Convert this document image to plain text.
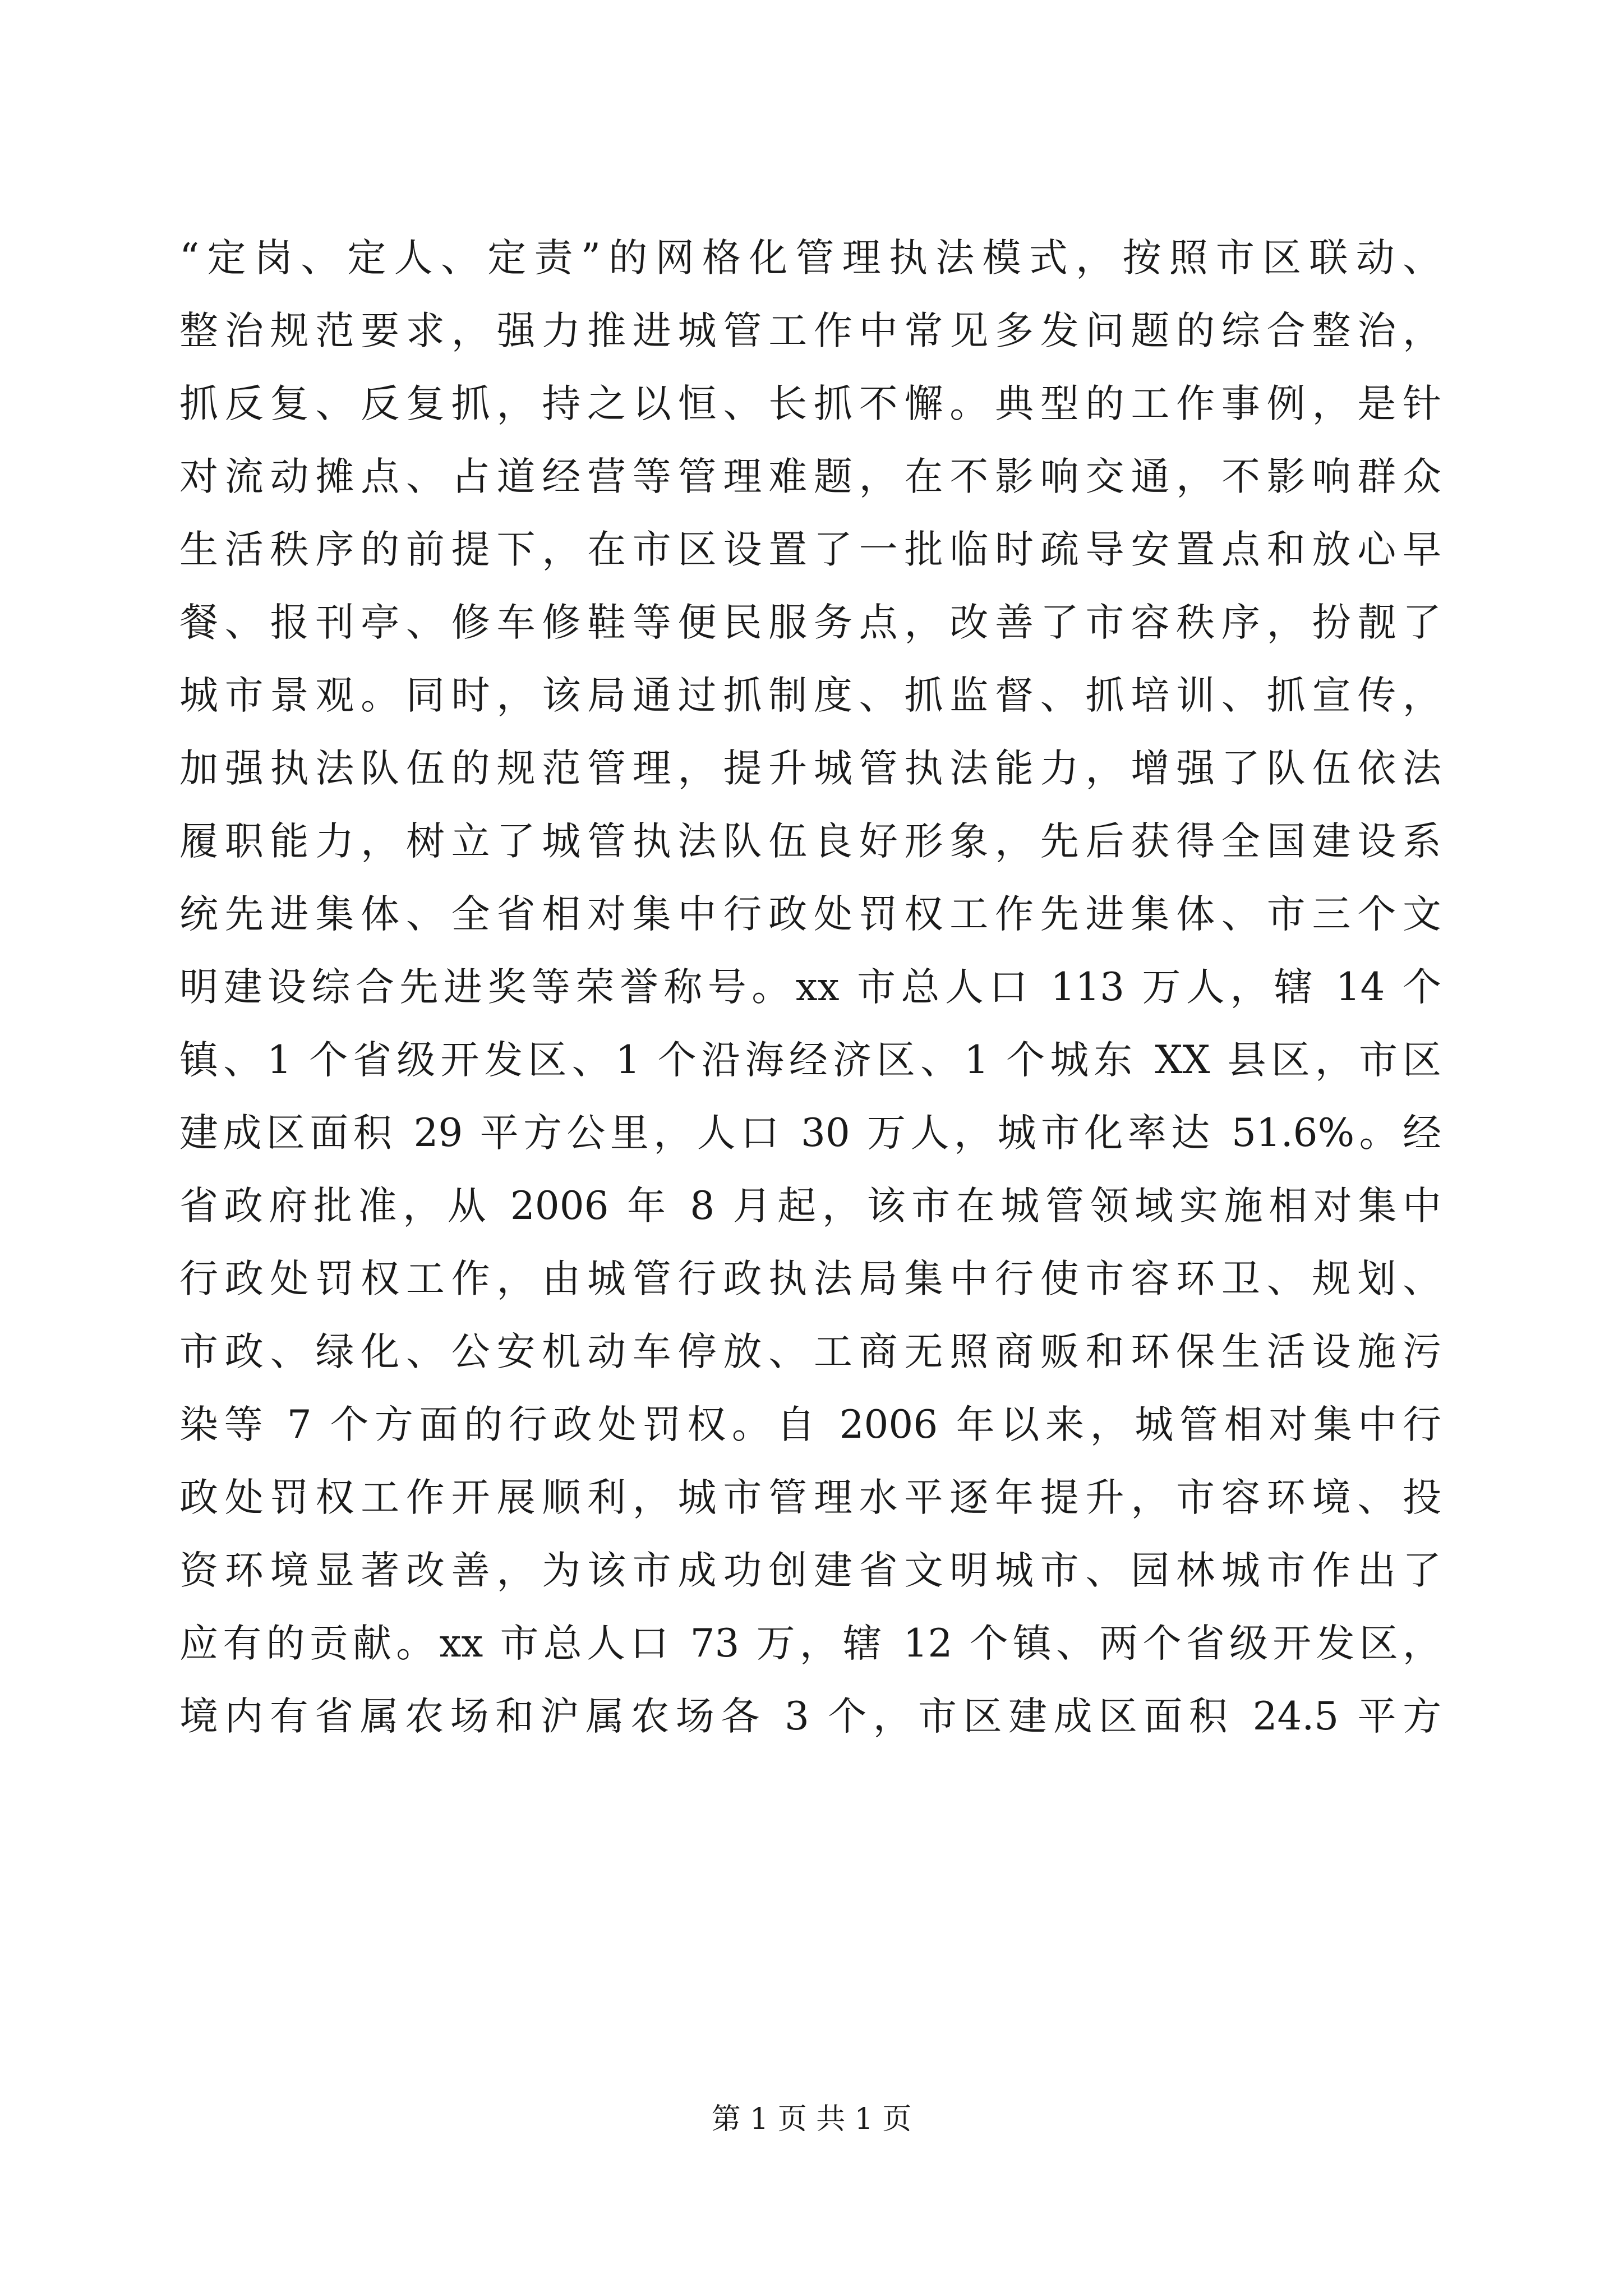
“定岗、定人、定责”的网格化管理执法模式，按照市区联动、
整治规范要求，强力推进城管工作中常见多发问题的综合整治，
抓反复、反复抓，持之以恒、长抓不懈。典型的工作事例，是针
对流动摊点、占道经营等管理难题，在不影响交通，不影响群众
生活秩序的前提下，在市区设置了一批临时疏导安置点和放心早
餐、报刊亭、修车修鞋等便民服务点，改善了市容秩序，扮靓了
城市景观。同时，该局通过抓制度、抓监督、抓培训、抓宣传，
加强执法队伍的规范管理，提升城管执法能力，增强了队伍依法
履职能力，树立了城管执法队伍良好形象，先后获得全国建设系
统先进集体、全省相对集中行政处罚权工作先进集体、市三个文
明建设综合先进奖等荣誉称号。xx 市总人口 113 万人，辖 14 个
镇、1 个省级开发区、1 个沿海经济区、1 个城东 XX 县区，市区
建成区面积 29 平方公里，人口 30 万人，城市化率达 51.6%。经
省政府批准，从 2006 年 8 月起，该市在城管领域实施相对集中
行政处罚权工作，由城管行政执法局集中行使市容环卫、规划、
市政、绿化、公安机动车停放、工商无照商贩和环保生活设施污
染等 7 个方面的行政处罚权。自 2006 年以来，城管相对集中行
政处罚权工作开展顺利，城市管理水平逐年提升，市容环境、投
资环境显著改善，为该市成功创建省文明城市、园林城市作出了
应有的贡献。xx 市总人口 73 万，辖 12 个镇、两个省级开发区，
境内有省属农场和沪属农场各 3 个，市区建成区面积 24.5 平方
第 1 页 共 1 页
